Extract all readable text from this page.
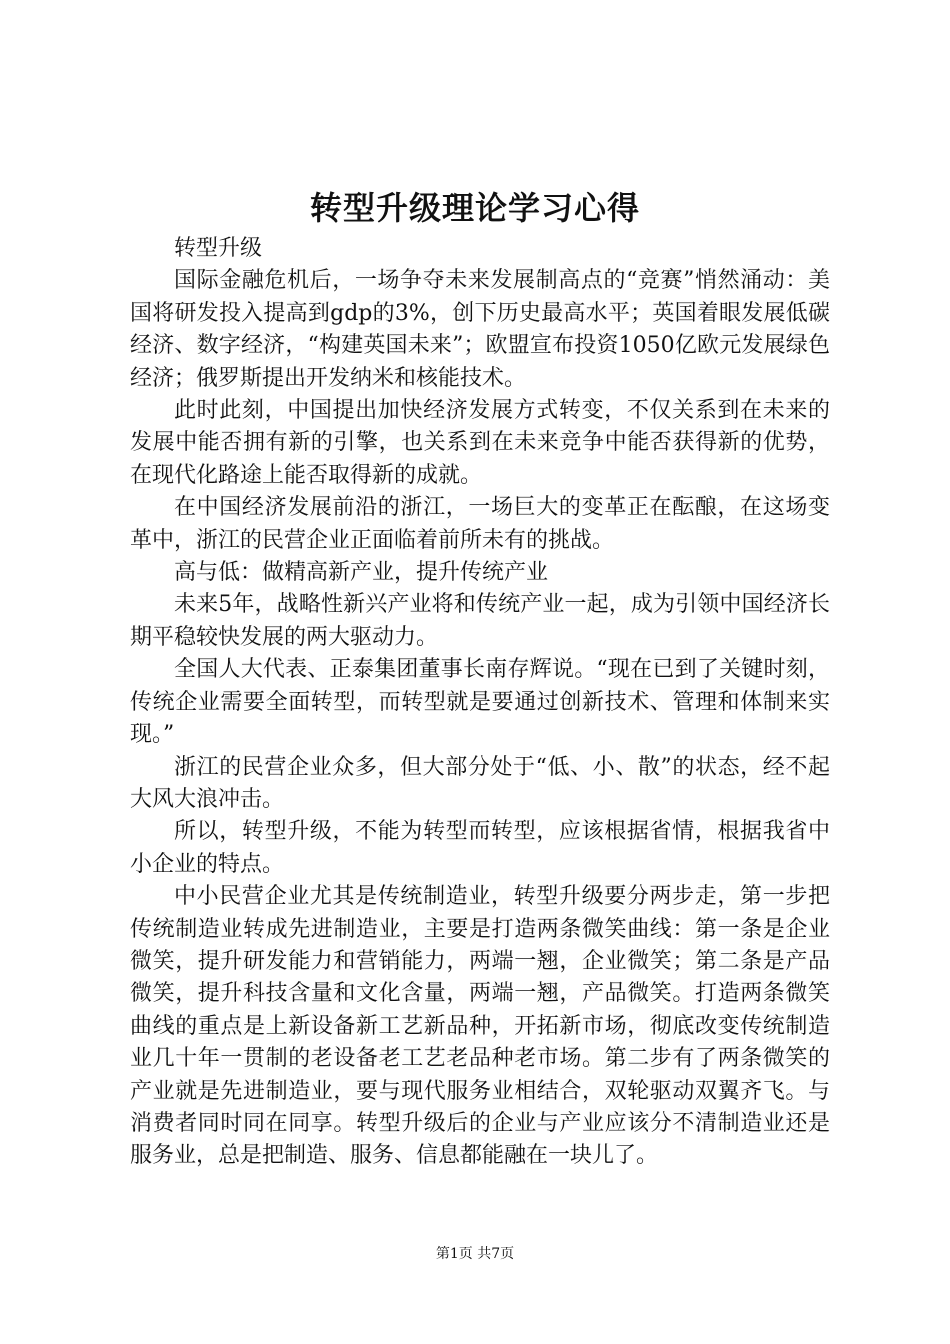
转型升级理论学习心得

转型升级

国际金融危机后，一场争夺未来发展制高点的“竞赛”悄然涌动：美国将研发投入提高到gdp的3%，创下历史最高水平；英国着眼发展低碳经济、数字经济，“构建英国未来”；欧盟宣布投资1050亿欧元发展绿色经济；俄罗斯提出开发纳米和核能技术。

此时此刻，中国提出加快经济发展方式转变，不仅关系到在未来的发展中能否拥有新的引擎，也关系到在未来竞争中能否获得新的优势，在现代化路途上能否取得新的成就。

在中国经济发展前沿的浙江，一场巨大的变革正在酝酿，在这场变革中，浙江的民营企业正面临着前所未有的挑战。

高与低：做精高新产业，提升传统产业

未来5年，战略性新兴产业将和传统产业一起，成为引领中国经济长期平稳较快发展的两大驱动力。

全国人大代表、正泰集团董事长南存辉说。“现在已到了关键时刻，传统企业需要全面转型，而转型就是要通过创新技术、管理和体制来实现。”

浙江的民营企业众多，但大部分处于“低、小、散”的状态，经不起大风大浪冲击。

所以，转型升级，不能为转型而转型，应该根据省情，根据我省中小企业的特点。

中小民营企业尤其是传统制造业，转型升级要分两步走，第一步把传统制造业转成先进制造业，主要是打造两条微笑曲线：第一条是企业微笑，提升研发能力和营销能力，两端一翘，企业微笑；第二条是产品微笑，提升科技含量和文化含量，两端一翘，产品微笑。打造两条微笑曲线的重点是上新设备新工艺新品种，开拓新市场，彻底改变传统制造业几十年一贯制的老设备老工艺老品种老市场。第二步有了两条微笑的产业就是先进制造业，要与现代服务业相结合，双轮驱动双翼齐飞。与消费者同时同在同享。转型升级后的企业与产业应该分不清制造业还是服务业，总是把制造、服务、信息都能融在一块儿了。

第1页 共7页
